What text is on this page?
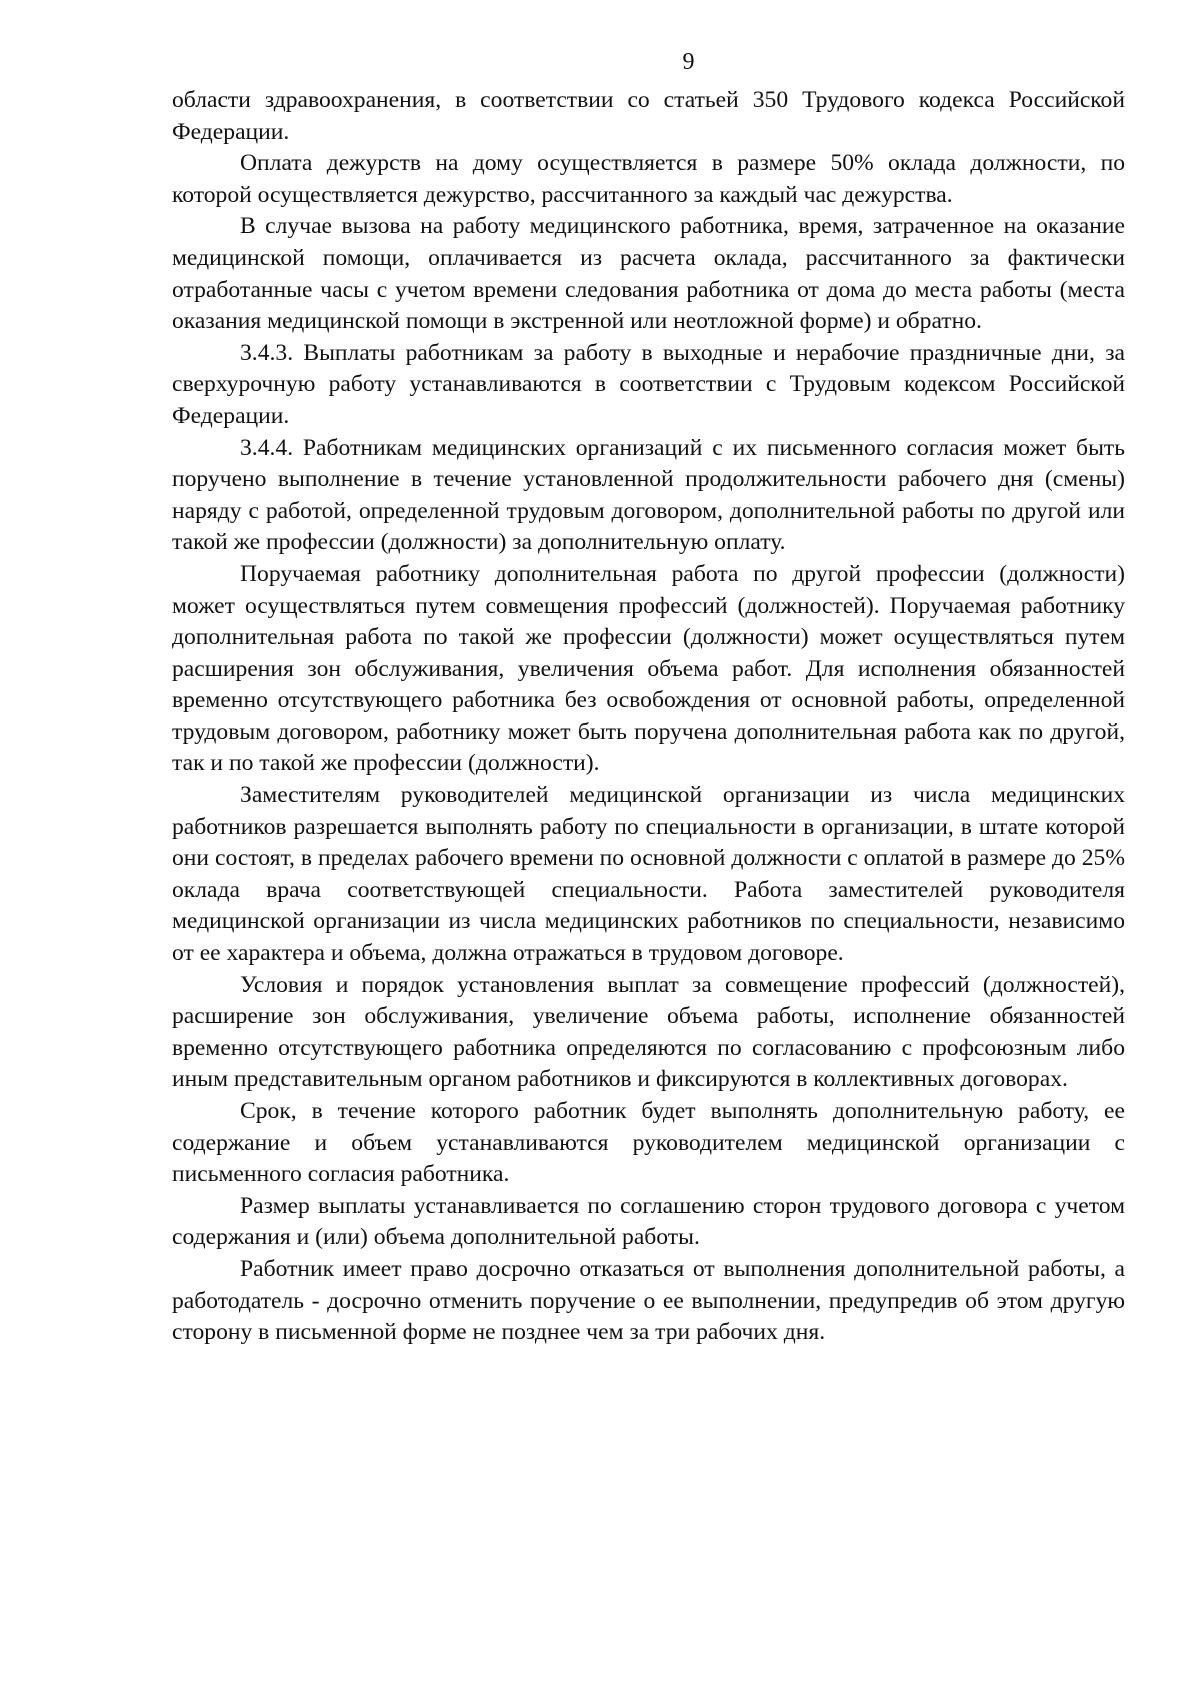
9

области здравоохранения, в соответствии со статьей 350 Трудового кодекса Российской Федерации.

Оплата дежурств на дому осуществляется в размере 50% оклада должности, по которой осуществляется дежурство, рассчитанного за каждый час дежурства.

В случае вызова на работу медицинского работника, время, затраченное на оказание медицинской помощи, оплачивается из расчета оклада, рассчитанного за фактически отработанные часы с учетом времени следования работника от дома до места работы (места оказания медицинской помощи в экстренной или неотложной форме) и обратно.

3.4.3. Выплаты работникам за работу в выходные и нерабочие праздничные дни, за сверхурочную работу устанавливаются в соответствии с Трудовым кодексом Российской Федерации.

3.4.4. Работникам медицинских организаций с их письменного согласия может быть поручено выполнение в течение установленной продолжительности рабочего дня (смены) наряду с работой, определенной трудовым договором, дополнительной работы по другой или такой же профессии (должности) за дополнительную оплату.

Поручаемая работнику дополнительная работа по другой профессии (должности) может осуществляться путем совмещения профессий (должностей). Поручаемая работнику дополнительная работа по такой же профессии (должности) может осуществляться путем расширения зон обслуживания, увеличения объема работ. Для исполнения обязанностей временно отсутствующего работника без освобождения от основной работы, определенной трудовым договором, работнику может быть поручена дополнительная работа как по другой, так и по такой же профессии (должности).

Заместителям руководителей медицинской организации из числа медицинских работников разрешается выполнять работу по специальности в организации, в штате которой они состоят, в пределах рабочего времени по основной должности с оплатой в размере до 25% оклада врача соответствующей специальности. Работа заместителей руководителя медицинской организации из числа медицинских работников по специальности, независимо от ее характера и объема, должна отражаться в трудовом договоре.

Условия и порядок установления выплат за совмещение профессий (должностей), расширение зон обслуживания, увеличение объема работы, исполнение обязанностей временно отсутствующего работника определяются по согласованию с профсоюзным либо иным представительным органом работников и фиксируются в коллективных договорах.

Срок, в течение которого работник будет выполнять дополнительную работу, ее содержание и объем устанавливаются руководителем медицинской организации с письменного согласия работника.

Размер выплаты устанавливается по соглашению сторон трудового договора с учетом содержания и (или) объема дополнительной работы.

Работник имеет право досрочно отказаться от выполнения дополнительной работы, а работодатель - досрочно отменить поручение о ее выполнении, предупредив об этом другую сторону в письменной форме не позднее чем за три рабочих дня.
